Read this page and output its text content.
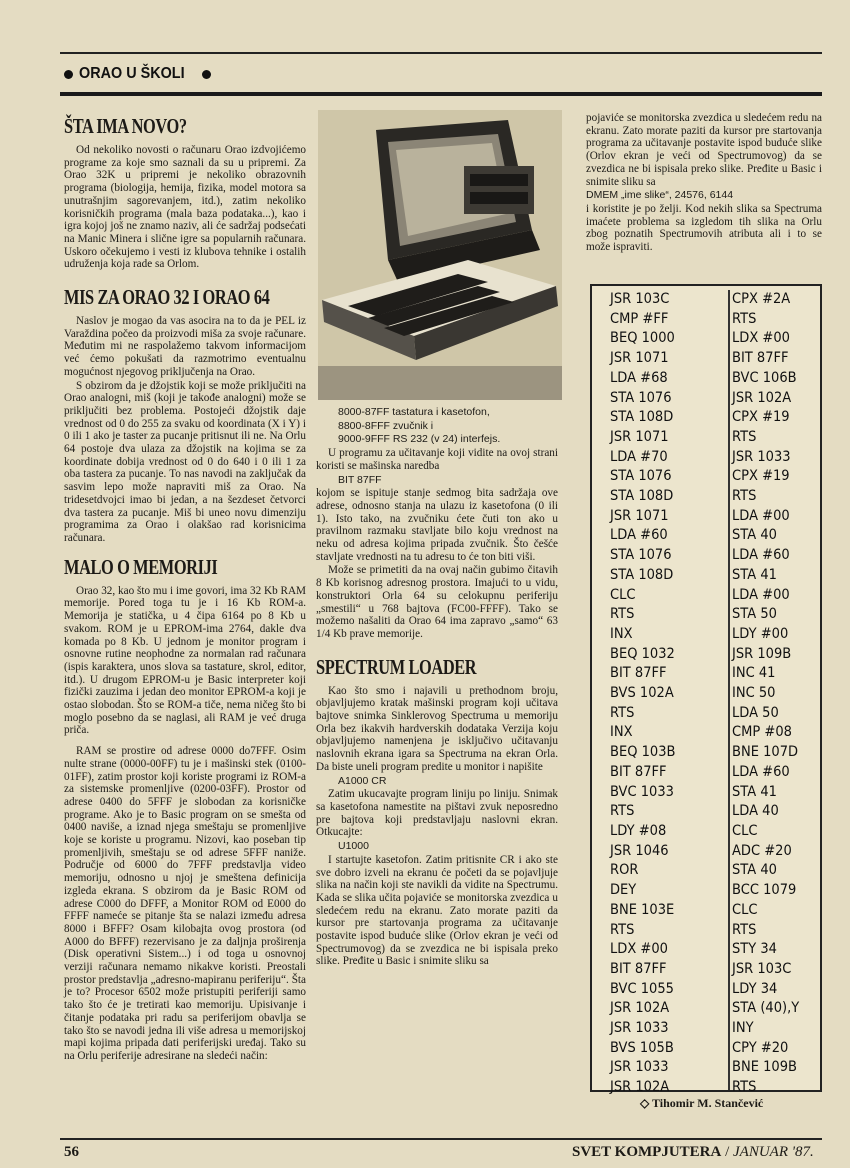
ORAO U ŠKOLI
ŠTA IMA NOVO?

Od nekoliko novosti o računaru Orao izdvojićemo programe za koje smo saznali da su u pripremi. Za Orao 32K u pripremi je nekoliko obrazovnih programa (biologija, hemija, fizika, model motora sa unutrašnjim sagorevanjem, itd.), zatim nekoliko korisničkih programa (mala baza podataka...), kao i igra kojoj još ne znamo naziv, ali će sadržaj podsećati na Manic Minera i slične igre sa popularnih računara. Uskoro očekujemo i vesti iz klubova tehnike i ostalih udruženja koja rade sa Orlom.

MIS ZA ORAO 32 I ORAO 64

Naslov je mogao da vas asocira na to da je PEL iz Varaždina počeo da proizvodi miša za svoje računare. Međutim mi ne raspolažemo takvom informacijom već ćemo pokušati da razmotrimo eventualnu mogućnost njegovog priključenja na Orao.

S obzirom da je džojstik koji se može priključiti na Orao analogni, miš (koji je takođe analogni) može se priključiti bez problema. Postojeći džojstik daje vrednost od 0 do 255 za svaku od koordinata (X i Y) i 0 ili 1 ako je taster za pucanje pritisnut ili ne. Na Orlu 64 postoje dva ulaza za džojstik na kojima se za koordinate dobija vrednost od 0 do 640 i 0 ili 1 za oba tastera za pucanje. To nas navodi na zaključak da sasvim lepo može napraviti miš za Orao. Na tridesetdvojci imao bi jedan, a na šezdeset četvorci dva tastera za pucanje. Miš bi uneo novu dimenziju programima za Orao i olakšao rad korisnicima računara.

MALO O MEMORIJI

Orao 32, kao što mu i ime govori, ima 32 Kb RAM memorije. Pored toga tu je i 16 Kb ROM-a. Memorija je statička, u 4 čipa 6164 po 8 Kb u svakom. ROM je u EPROM-ima 2764, dakle dva komada po 8 Kb. U jednom je monitor program i osnovne rutine neophodne za normalan rad računara (ispis karaktera, unos slova sa tastature, skrol, editor, itd.). U drugom EPROM-u je Basic interpreter koji fizički zauzima i jedan deo monitor EPROM-a koji je ostao slobodan. Što se ROM-a tiče, nema ničeg što bi moglo posebno da se naglasi, ali RAM je već druga priča.

RAM se prostire od adrese 0000 do7FFF. Osim nulte strane (0000-00FF) tu je i mašinski stek (0100-01FF), zatim prostor koji koriste programi iz ROM-a za sistemske promenljive (0200-03FF). Prostor od adrese 0400 do 5FFF je slobodan za korisničke programe. Ako je to Basic program on se smešta od 0400 naviše, a iznad njega smeštaju se promenljive koje se koriste u programu. Nizovi, kao poseban tip promenljivih, smeštaju se od adrese 5FFF naniže. Područje od 6000 do 7FFF predstavlja video memoriju, odnosno u njoj je smeštena definicija izgleda ekrana. S obzirom da je Basic ROM od adrese C000 do DFFF, a Monitor ROM od E000 do FFFF nameće se pitanje šta se nalazi između adresa 8000 i BFFF? Osam kilobajta ovog prostora (od A000 do BFFF) rezervisano je za daljnja proširenja (Disk operativni Sistem...) i od toga u osnovnoj verziji računara nemamo nikakve koristi. Preostali prostor predstavlja „adresno-mapiranu periferiju“. Šta je to? Procesor 6502 može pristupiti periferiji samo tako što će je tretirati kao memoriju. Upisivanje i čitanje podataka pri radu sa periferijom obavlja se tako što se navodi jedna ili više adresa u memorijskoj mapi kojima pripada dati periferijski uređaj. Tako su na Orlu periferije adresirane na sledeći način:

8000-87FF tastatura i kasetofon,

8800-8FFF zvučnik i

9000-9FFF RS 232 (v 24) interfejs.

U programu za učitavanje koji vidite na ovoj strani koristi se mašinska naredba

BIT 87FF

kojom se ispituje stanje sedmog bita sadržaja ove adrese, odnosno stanja na ulazu iz kasetofona (0 ili 1). Isto tako, na zvučniku ćete čuti ton ako u pravilnom razmaku stavljate bilo koju vrednost na neku od adresa kojima pripada zvučnik. Što češće stavljate vrednosti na tu adresu to će ton biti viši.

Može se primetiti da na ovaj način gubimo čitavih 8 Kb korisnog adresnog prostora. Imajući to u vidu, konstruktori Orla 64 su celokupnu periferiju „smestili“ u 768 bajtova (FC00-FFFF). Tako se možemo našaliti da Orao 64 ima zapravo „samo“ 63 1/4 Kb prave memorije.

SPECTRUM LOADER

Kao što smo i najavili u prethodnom broju, objavljujemo kratak mašinski program koji učitava bajtove snimka Sinklerovog Spectruma u memoriju Orla bez ikakvih hardverskih dodataka Verzija koju objavljujemo namenjena je isključivo učitavanju naslovnih ekrana igara sa Spectruma na ekran Orla. Da biste uneli program predite u monitor i napišite

A1000 CR

Zatim ukucavajte program liniju po liniju. Snimak sa kasetofona namestite na pištavi zvuk neposredno pre bajtova koji predstavljaju naslovni ekran. Otkucajte:

U1000

I startujte kasetofon. Zatim pritisnite CR i ako ste sve dobro izveli na ekranu će početi da se pojavljuje slika na način koji ste navikli da vidite na Spectrumu. Kada se slika učita pojaviće se monitorska zvezdica u sledećem redu na ekranu. Zato morate paziti da kursor pre startovanja programa za učitavanje postavite ispod buduće slike (Orlov ekran je veći od Spectrumovog) da se zvezdica ne bi ispisala preko slike. Pređite u Basic i snimite sliku sa

pojaviće se monitorska zvezdica u sledećem redu na ekranu. Zato morate paziti da kursor pre startovanja programa za učitavanje postavite ispod buduće slike (Orlov ekran je veći od Spectrumovog) da se zvezdica ne bi ispisala preko slike. Pređite u Basic i snimite sliku sa

DMEM „ime slike“, 24576, 6144

i koristite je po želji. Kod nekih slika sa Spectruma imaćete problema sa izgledom tih slika na Orlu zbog poznatih Spectrumovih atributa ali i to se može ispraviti.

JSR 103C
CMP #FF
BEQ 1000
JSR 1071
LDA #68
STA 1076
STA 108D
JSR 1071
LDA #70
STA 1076
STA 108D
JSR 1071
LDA #60
STA 1076
STA 108D
CLC
RTS
INX
BEQ 1032
BIT 87FF
BVS 102A
RTS
INX
BEQ 103B
BIT 87FF
BVC 1033
RTS
LDY #08
JSR 1046
ROR
DEY
BNE 103E
RTS
LDX #00
BIT 87FF
BVC 1055
JSR 102A
JSR 1033
BVS 105B
JSR 1033
JSR 102A
CPX #2A
RTS
LDX #00
BIT 87FF
BVC 106B
JSR 102A
CPX #19
RTS
JSR 1033
CPX #19
RTS
LDA #00
STA 40
LDA #60
STA 41
LDA #00
STA 50
LDY #00
JSR 109B
INC 41
INC 50
LDA 50
CMP #08
BNE 107D
LDA #60
STA 41
LDA 40
CLC
ADC #20
STA 40
BCC 1079
CLC
RTS
STY 34
JSR 103C
LDY 34
STA (40),Y
INY
CPY #20
BNE 109B
RTS
◇ Tihomir M. Stančević
56	SVET KOMPJUTERA / JANUAR '87.
